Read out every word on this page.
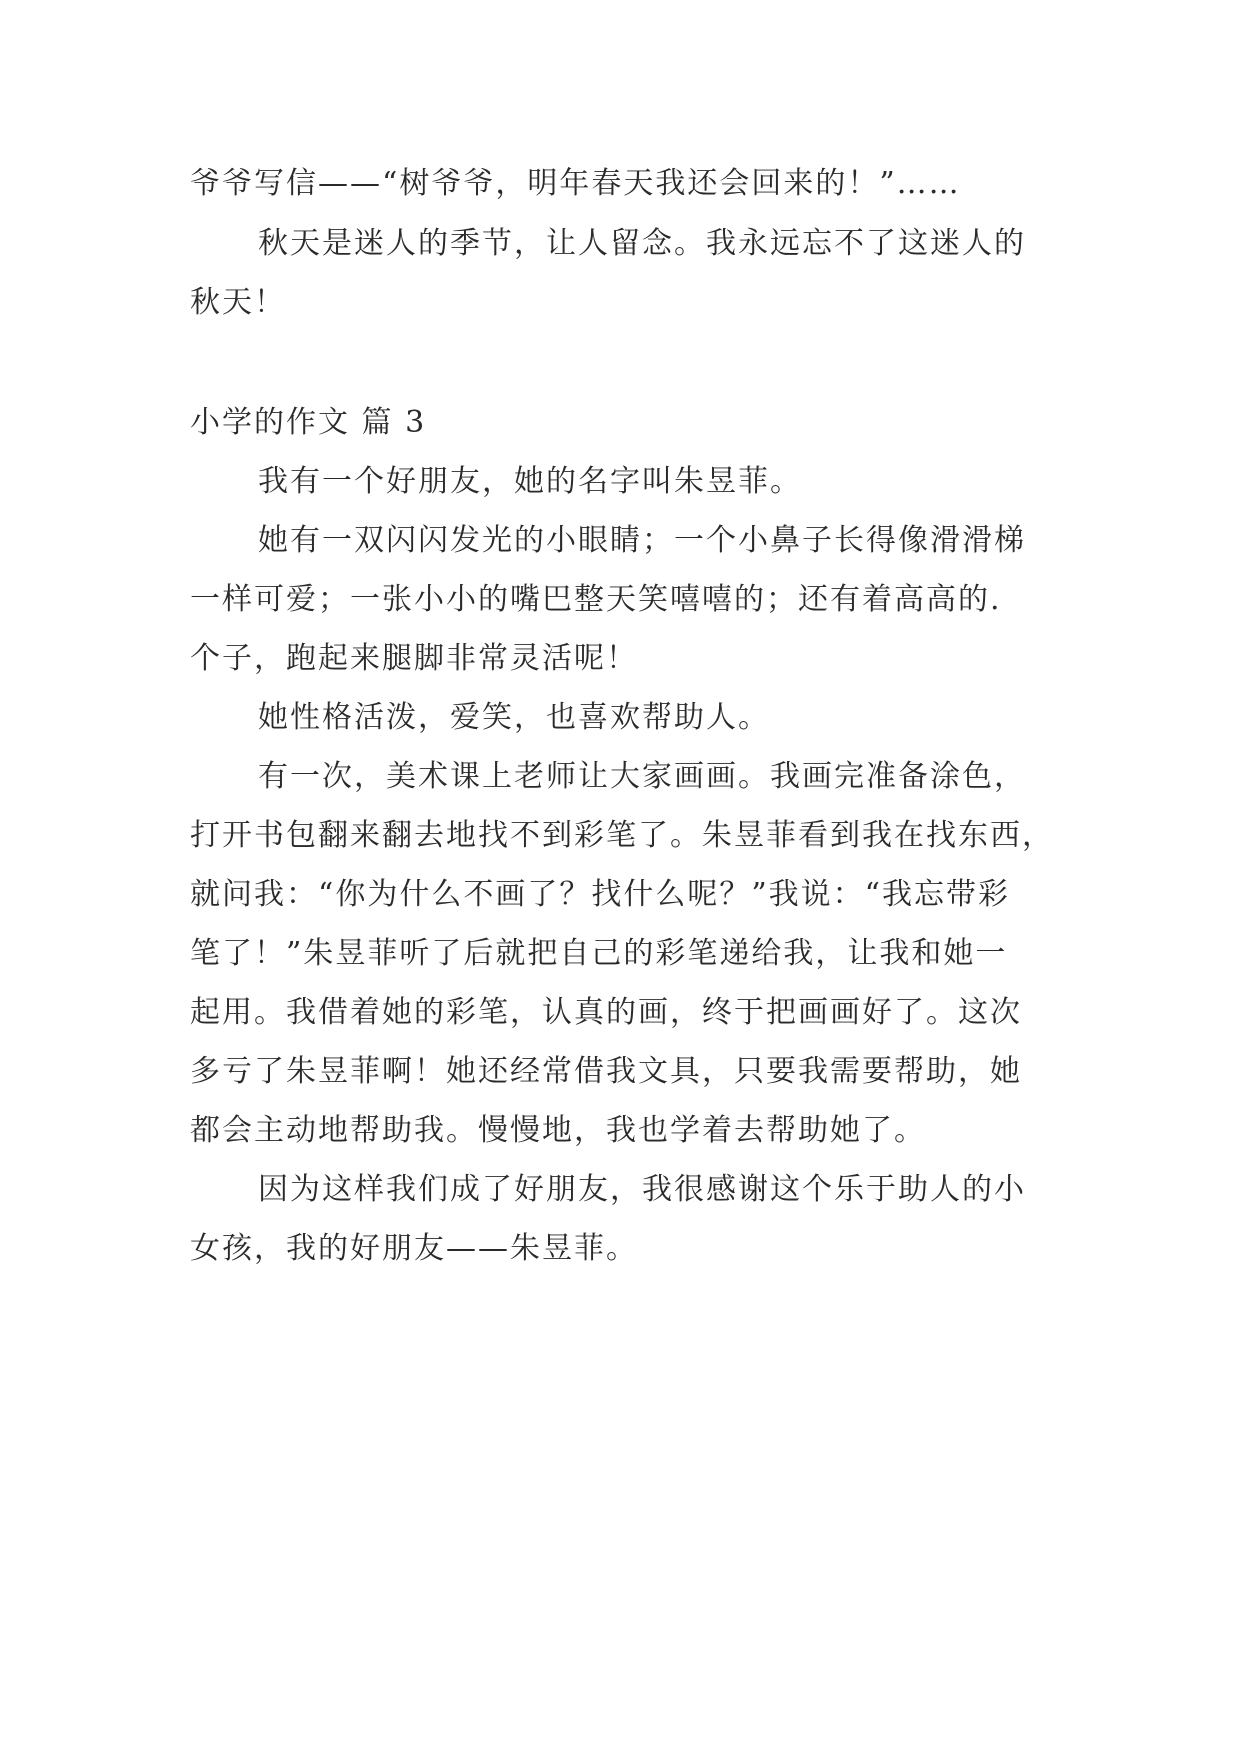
爷爷写信——“树爷爷，明年春天我还会回来的！”……
秋天是迷人的季节，让人留念。我永远忘不了这迷人的
秋天！
小学的作文 篇 3
我有一个好朋友，她的名字叫朱昱菲。
她有一双闪闪发光的小眼睛；一个小鼻子长得像滑滑梯
一样可爱；一张小小的嘴巴整天笑嘻嘻的；还有着高高的.
个子，跑起来腿脚非常灵活呢！
她性格活泼，爱笑，也喜欢帮助人。
有一次，美术课上老师让大家画画。我画完准备涂色，
打开书包翻来翻去地找不到彩笔了。朱昱菲看到我在找东西，
就问我：“你为什么不画了？找什么呢？”我说：“我忘带彩
笔了！”朱昱菲听了后就把自己的彩笔递给我，让我和她一
起用。我借着她的彩笔，认真的画，终于把画画好了。这次
多亏了朱昱菲啊！她还经常借我文具，只要我需要帮助，她
都会主动地帮助我。慢慢地，我也学着去帮助她了。
因为这样我们成了好朋友，我很感谢这个乐于助人的小
女孩，我的好朋友——朱昱菲。
